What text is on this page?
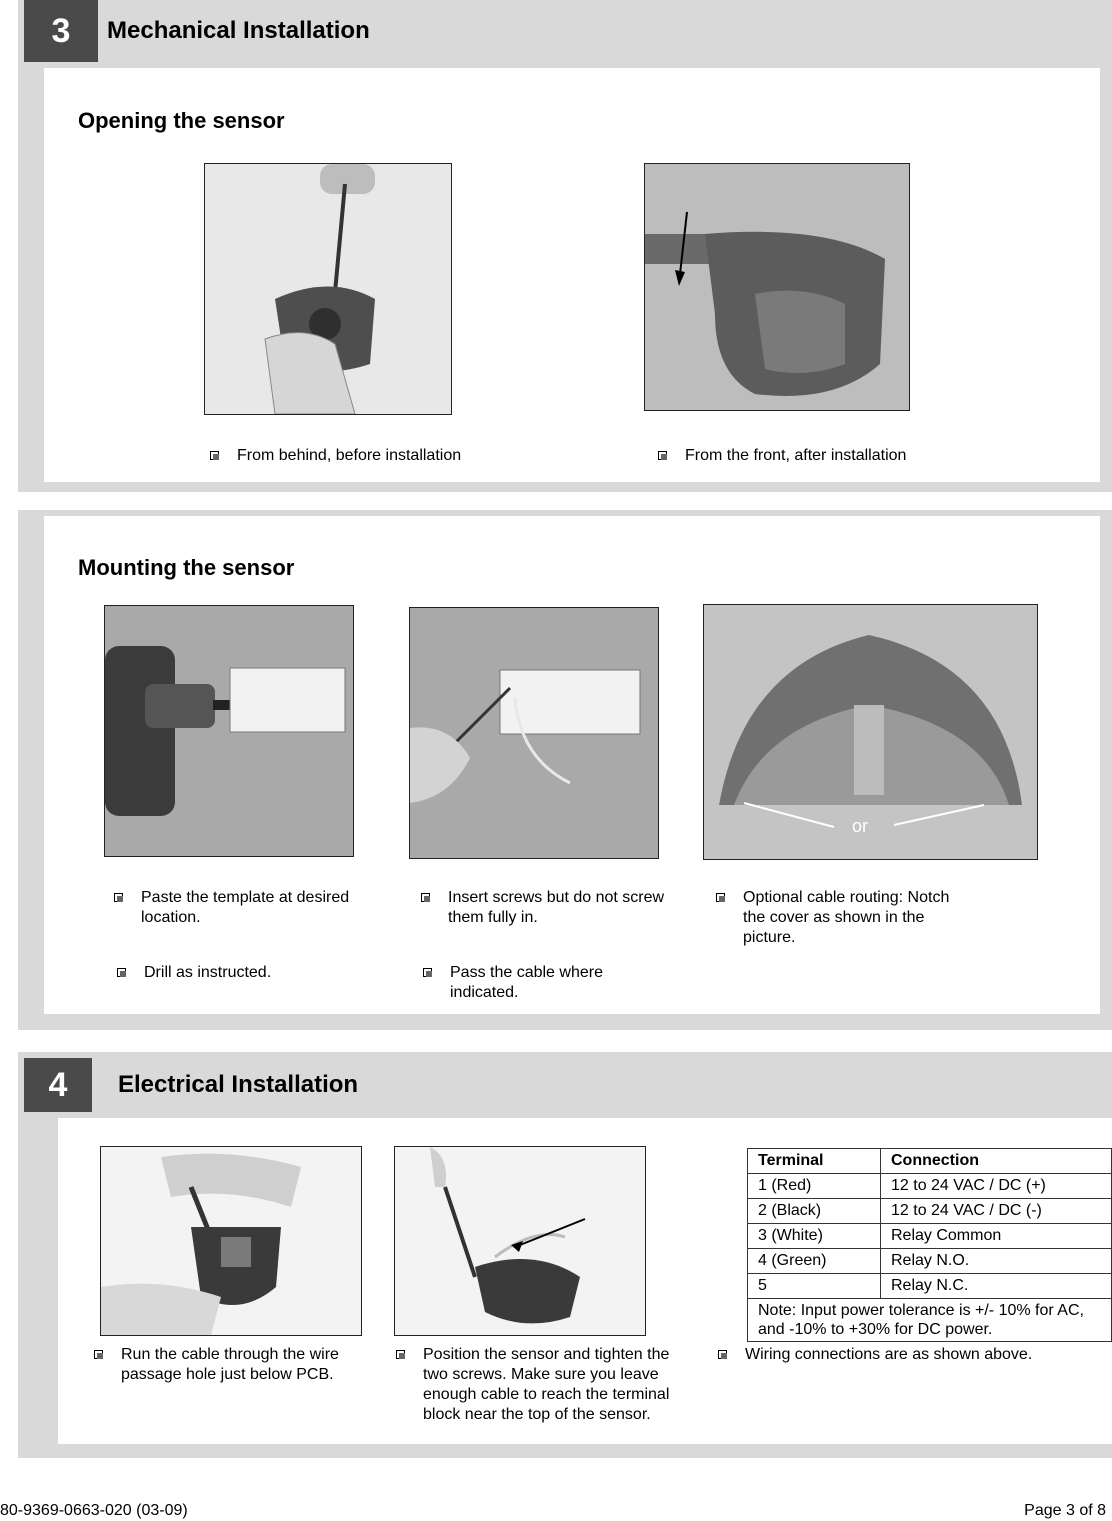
3	Mechanical Installation
Opening the sensor
From behind, before installation	From the front, after installation
Mounting the sensor
or
Paste the template at desired location.
Insert screws but do not screw them fully in.
Optional cable routing: Notch the cover as shown in the picture.
Drill as instructed.	Pass the cable where indicated.
4	Electrical Installation
Terminal	Connection
1 (Red)	12 to 24 VAC / DC (+)
2 (Black)	12 to 24 VAC / DC (-)
3 (White)	Relay Common
4 (Green)	Relay N.O.
5	Relay N.C.
Note: Input power tolerance is +/- 10% for AC, and -10% to +30% for DC power.	
Run the cable through the wire passage hole just below PCB.
Position the sensor and tighten the two screws. Make sure you leave enough cable to reach the terminal block near the top of the sensor.
Wiring connections are as shown above.
80-9369-0663-020 (03-09)	Page 3 of 8
